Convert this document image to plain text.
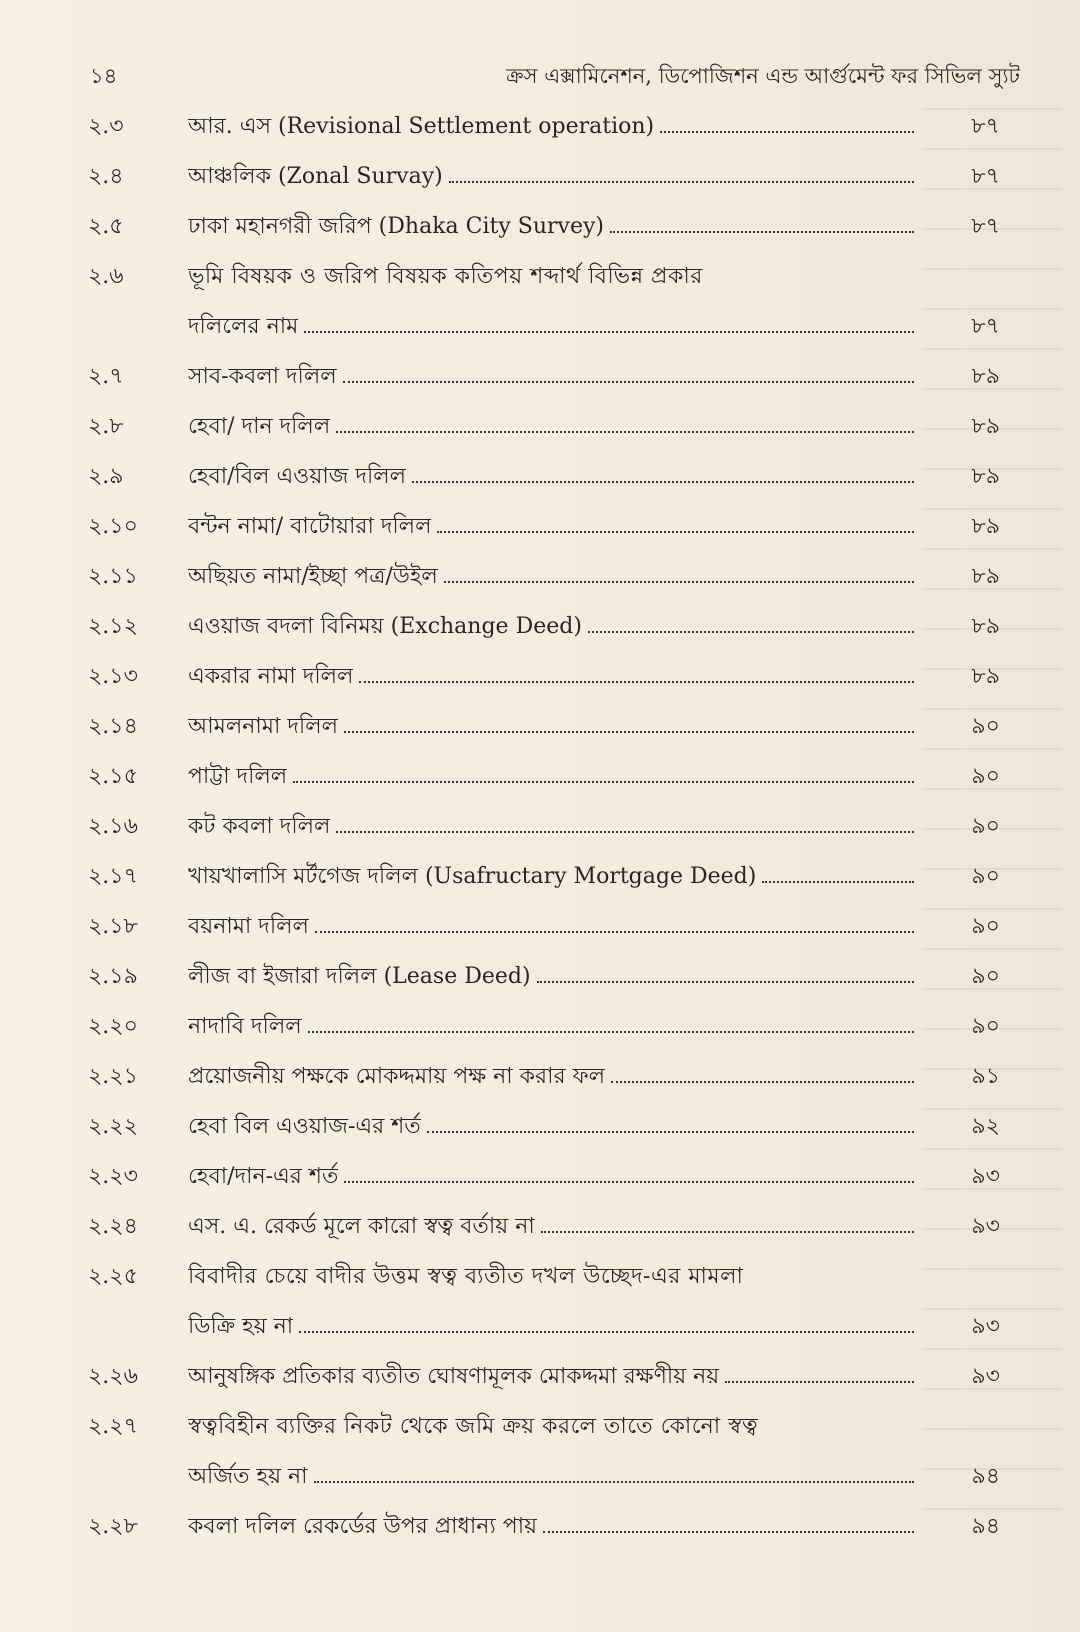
১৪	ক্রস এক্সামিনেশন, ডিপোজিশন এন্ড আর্গুমেন্ট ফর সিভিল স্যুট
২.৩	আর. এস (Revisional Settlement operation)	৮৭
২.৪	আঞ্চলিক (Zonal Survay)	৮৭
২.৫	ঢাকা মহানগরী জরিপ (Dhaka City Survey)	৮৭
২.৬	ভূমি বিষয়ক ও জরিপ বিষয়ক কতিপয় শব্দার্থ বিভিন্ন প্রকার
দলিলের নাম	৮৭
২.৭	সাব-কবলা দলিল	৮৯
২.৮	হেবা/ দান দলিল	৮৯
২.৯	হেবা/বিল এওয়াজ দলিল	৮৯
২.১০	বন্টন নামা/ বাটোয়ারা দলিল	৮৯
২.১১	অছিয়ত নামা/ইচ্ছা পত্র/উইল	৮৯
২.১২	এওয়াজ বদলা বিনিময় (Exchange Deed)	৮৯
২.১৩	একরার নামা দলিল	৮৯
২.১৪	আমলনামা দলিল	৯০
২.১৫	পাট্টা দলিল	৯০
২.১৬	কট কবলা দলিল	৯০
২.১৭	খায়খালাসি মর্টগেজ দলিল (Usafructary Mortgage Deed)	৯০
২.১৮	বয়নামা দলিল	৯০
২.১৯	লীজ বা ইজারা দলিল (Lease Deed)	৯০
২.২০	নাদাবি দলিল	৯০
২.২১	প্রয়োজনীয় পক্ষকে মোকদ্দমায় পক্ষ না করার ফল	৯১
২.২২	হেবা বিল এওয়াজ-এর শর্ত	৯২
২.২৩	হেবা/দান-এর শর্ত	৯৩
২.২৪	এস. এ. রেকর্ড মূলে কারো স্বত্ব বর্তায় না	৯৩
২.২৫	বিবাদীর চেয়ে বাদীর উত্তম স্বত্ব ব্যতীত দখল উচ্ছেদ-এর মামলা
ডিক্রি হয় না	৯৩
২.২৬	আনুষঙ্গিক প্রতিকার ব্যতীত ঘোষণামূলক মোকদ্দমা রক্ষণীয় নয়	৯৩
২.২৭	স্বত্ববিহীন ব্যক্তির নিকট থেকে জমি ক্রয় করলে তাতে কোনো স্বত্ব
অর্জিত হয় না	৯৪
২.২৮	কবলা দলিল রেকর্ডের উপর প্রাধান্য পায়	৯৪
